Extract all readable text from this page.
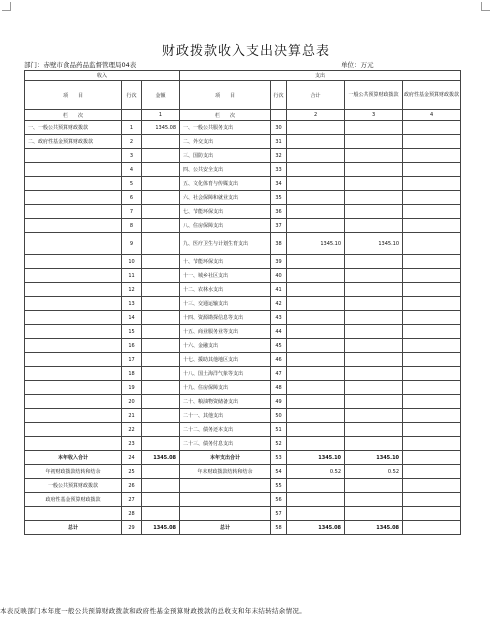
财政拨款收入支出决算总表
部门：赤壁市食品药品监督管理局04表	单位：万元
收入			支出				
项　　目	行次	金额	项　　目	行次	合计	一般公共预算财政拨款	政府性基金预算财政拨款
栏　　次		1	栏　　次		2	3	4
一、一般公共预算财政拨款	1	1345.08	一、一般公共服务支出	30			
二、政府性基金预算财政拨款	2		二、外交支出	31			
	3		三、国防支出	32			
	4		四、公共安全支出	33			
	5		五、文化体育与传媒支出	34			
	6		六、社会保障和就业支出	35			
	7		七、节能环保支出	36			
	8		八、住房保障支出	37			
	9		九、医疗卫生与计划生育支出	38	1345.10	1345.10	
	10		十、节能环保支出	39			
	11		十一、城乡社区支出	40			
	12		十二、农林水支出	41			
	13		十三、交通运输支出	42			
	14		十四、资源勘探信息等支出	43			
	15		十五、商业服务业等支出	44			
	16		十六、金融支出	45			
	17		十七、援助其他地区支出	46			
	18		十八、国土海洋气象等支出	47			
	19		十九、住房保障支出	48			
	20		二十、粮油物资储备支出	49			
	21		二十一、其他支出	50			
	22		二十二、债务还本支出	51			
	23		二十三、债务付息支出	52			
本年收入合计	24	1345.08	本年支出合计	53	1345.10	1345.10	
年初财政拨款结转和结余	25		年末财政拨款结转和结余	54	0.52	0.52	
一般公共预算财政拨款	26			55			
政府性基金预算财政拨款	27			56			
	28			57			
总计	29	1345.08	总计	58	1345.08	1345.08	
本表反映部门本年度一般公共预算财政拨款和政府性基金预算财政拨款的总收支和年末结转结余情况。
